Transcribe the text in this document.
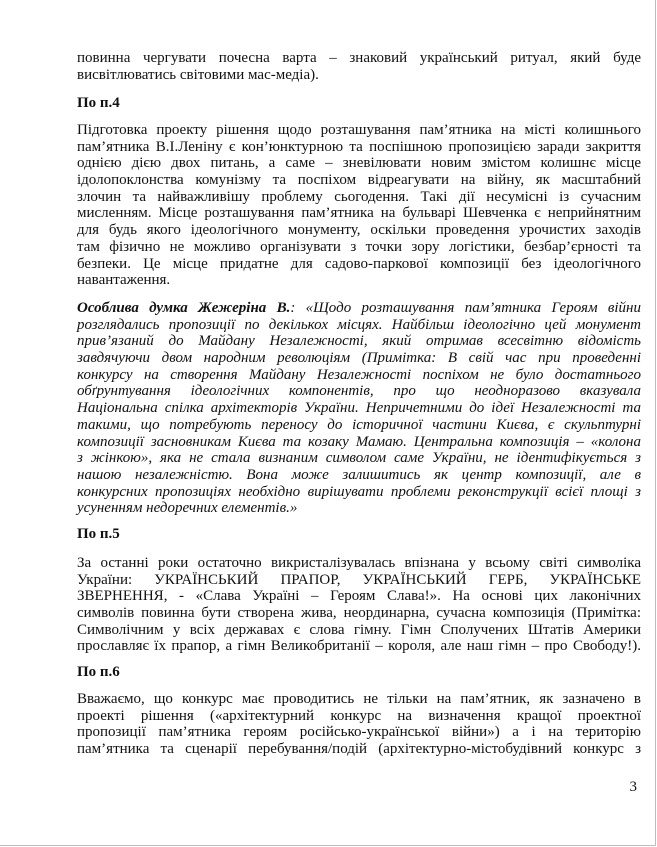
повинна чергувати почесна варта – знаковий український ритуал, який буде
висвітлюватись світовими мас-медіа).
По п.4
Підготовка проекту рішення щодо розташування пам’ятника на місті колишнього
пам’ятника В.І.Леніну є кон’юнктурною та поспішною пропозицією заради закриття
однією дією двох питань, а саме – зневілювати новим змістом колишнє місце
ідолопоклонства комунізму та поспіхом відреагувати на війну, як масштабний
злочин та найважливішу проблему сьогодення. Такі дії несумісні із сучасним
мисленням. Місце розташування пам’ятника на бульварі Шевченка є неприйнятним
для будь якого ідеологічного монументу, оскільки проведення урочистих заходів
там фізично не можливо організувати з точки зору логістики, безбар’єрності та
безпеки. Це місце придатне для садово-паркової композиції без ідеологічного
навантаження.
Особлива думка Жежеріна В.: «Щодо розташування пам’ятника Героям війни
розглядались пропозиції по декількох місцях. Найбільш ідеологічно цей монумент
прив’язаний до Майдану Незалежності, який отримав всесвітню відомість
завдячуючи двом народним революціям (Примітка: В свій час при проведенні
конкурсу на створення Майдану Незалежності поспіхом не було достатнього
обґрунтування ідеологічних компонентів, про що неодноразово вказувала
Національна спілка архітекторів України. Непричетними до ідеї Незалежності та
такими, що потребують переносу до історичної частини Києва, є скульптурні
композиції засновникам Києва та козаку Мамаю. Центральна композиція – «колона
з жінкою», яка не стала визнаним символом саме України, не ідентифікується з
нашою незалежністю. Вона може залишитись як центр композиції, але в
конкурсних пропозиціях необхідно вирішувати проблеми реконструкції всієї площі з
усуненням недоречних елементів.»
По п.5
За останні роки остаточно викристалізувалась впізнана у всьому світі символіка
України: УКРАЇНСЬКИЙ ПРАПОР, УКРАЇНСЬКИЙ ГЕРБ, УКРАЇНСЬКЕ
ЗВЕРНЕННЯ, - «Слава Україні – Героям Слава!». На основі цих лаконічних
символів повинна бути створена жива, неординарна, сучасна композиція (Примітка:
Символічним у всіх державах є слова гімну. Гімн Сполучених Штатів Америки
прославляє їх прапор, а гімн Великобританії – короля, але наш гімн – про Свободу!).
По п.6
Вважаємо, що конкурс має проводитись не тільки на пам’ятник, як зазначено в
проекті рішення («архітектурний конкурс на визначення кращої проектної
пропозиції пам’ятника героям російсько-української війни») а і на територію
пам’ятника та сценарії перебування/подій (архітектурно-містобудівний конкурс з
3
